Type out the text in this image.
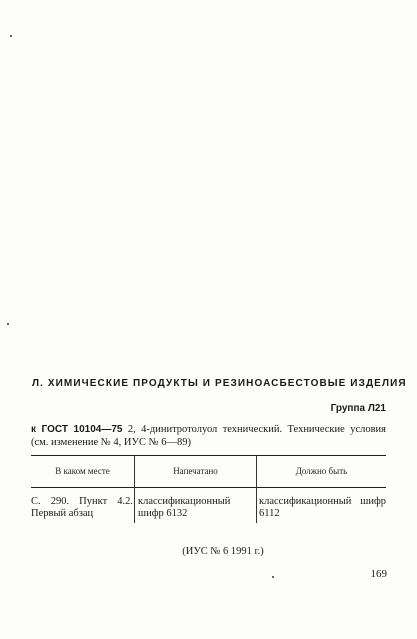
Л. ХИМИЧЕСКИЕ ПРОДУКТЫ И РЕЗИНОАСБЕСТОВЫЕ ИЗДЕЛИЯ
Группа Л21
к ГОСТ 10104—75 2, 4-динитротолуол технический. Технические условия (см. изменение № 4, ИУС № 6—89)
В каком месте	Напечатано	Должно быть
С. 290. Пункт 4.2. Первый абзац
классификационный шифр 6132
классификационный шифр 6112
(ИУС № 6 1991 г.)
169
